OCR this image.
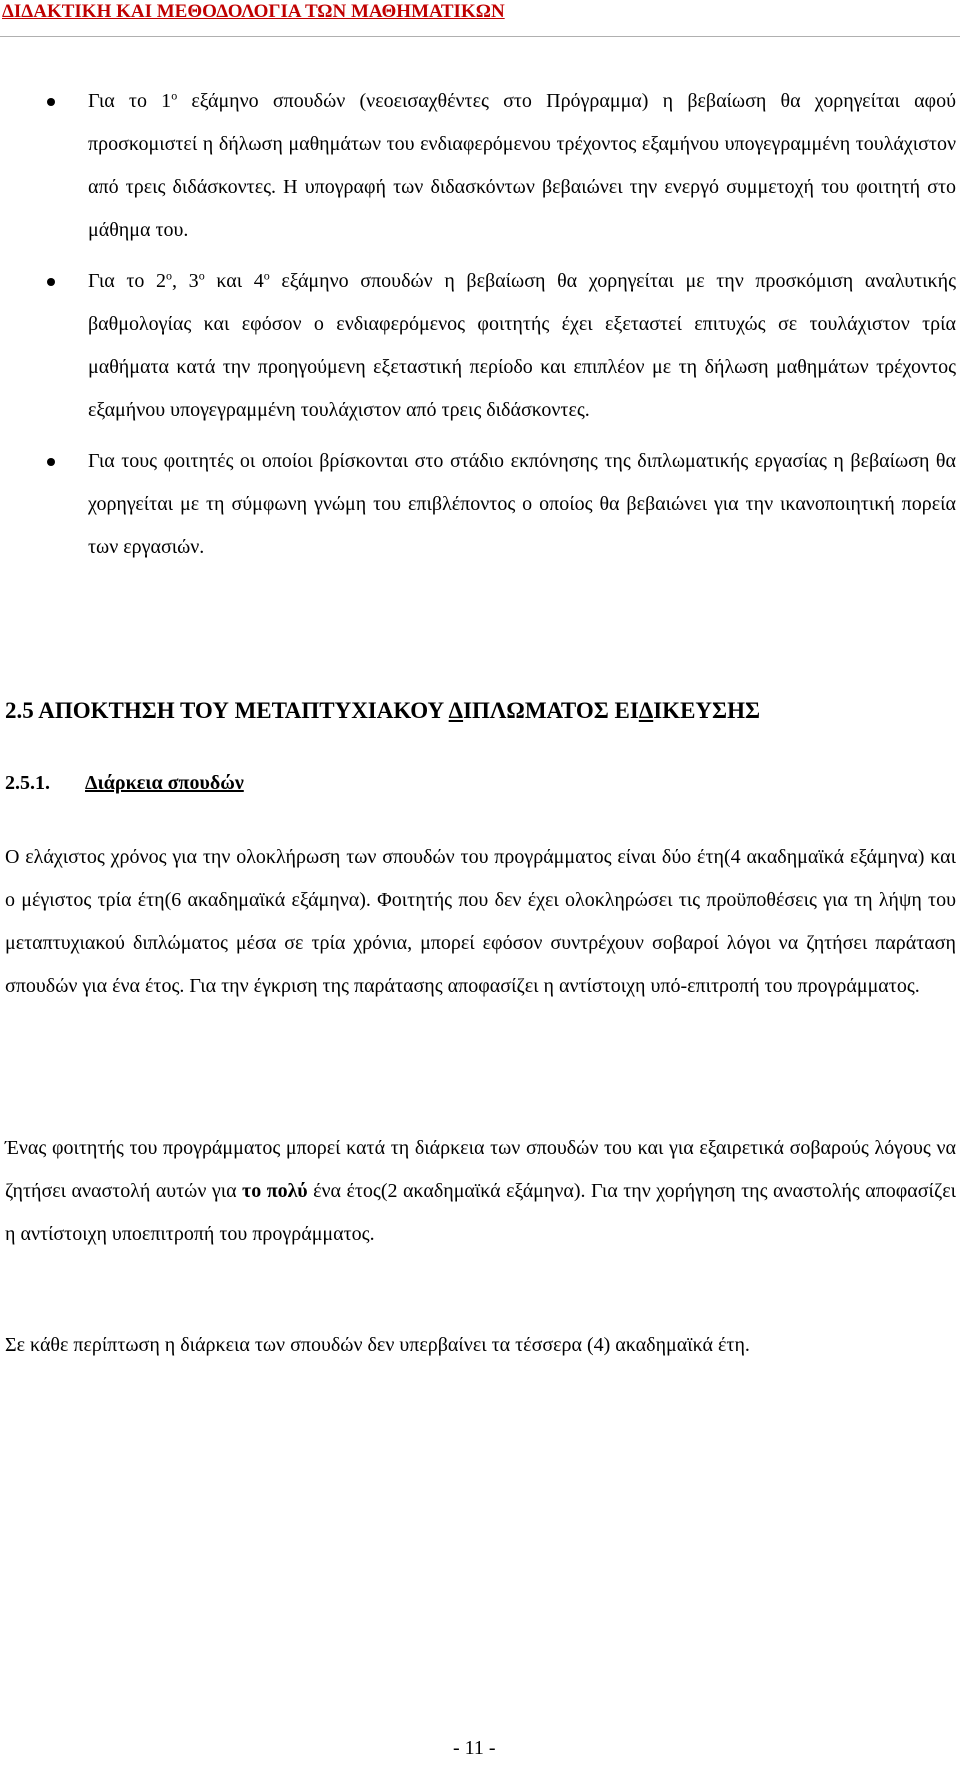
ΔΙΔΑΚΤΙΚΗ ΚΑΙ ΜΕΘΟΔΟΛΟΓΙΑ ΤΩΝ ΜΑΘΗΜΑΤΙΚΩΝ
Για το $1^o$ εξάμηνο σπουδών (νεοεισαχθέντες στο Πρόγραμμα) η βεβαίωση θα χορηγείται αφού προσκομιστεί η δήλωση μαθημάτων του ενδιαφερόμενου τρέχοντος εξαμήνου υπογεγραμμένη τουλάχιστον από τρεις διδάσκοντες. Η υπογραφή των διδασκόντων βεβαιώνει την ενεργό συμμετοχή του φοιτητή στο μάθημα του.
Για το $2^o$, $3^o$ και $4^o$ εξάμηνο σπουδών η βεβαίωση θα χορηγείται με την προσκόμιση αναλυτικής βαθμολογίας και εφόσον ο ενδιαφερόμενος φοιτητής έχει εξεταστεί επιτυχώς σε τουλάχιστον τρία μαθήματα κατά την προηγούμενη εξεταστική περίοδο και επιπλέον με τη δήλωση μαθημάτων τρέχοντος εξαμήνου υπογεγραμμένη τουλάχιστον από τρεις διδάσκοντες.
Για τους φοιτητές οι οποίοι βρίσκονται στο στάδιο εκπόνησης της διπλωματικής εργασίας η βεβαίωση θα χορηγείται με τη σύμφωνη γνώμη του επιβλέποντος ο οποίος θα βεβαιώνει για την ικανοποιητική πορεία των εργασιών.
2.5 ΑΠΟΚΤΗΣΗ ΤΟΥ ΜΕΤΑΠΤΥΧΙΑΚΟΥ ΔΙΠΛΩΜΑΤΟΣ ΕΙΔΙΚΕΥΣΗΣ
2.5.1. Διάρκεια σπουδών
Ο ελάχιστος χρόνος για την ολοκλήρωση των σπουδών του προγράμματος είναι δύο έτη(4 ακαδημαϊκά εξάμηνα) και ο μέγιστος τρία έτη(6 ακαδημαϊκά εξάμηνα). Φοιτητής που δεν έχει ολοκληρώσει τις προϋποθέσεις για τη λήψη του μεταπτυχιακού διπλώματος μέσα σε τρία χρόνια, μπορεί εφόσον συντρέχουν σοβαροί λόγοι να ζητήσει παράταση σπουδών για ένα έτος. Για την έγκριση της παράτασης αποφασίζει η αντίστοιχη υπό-επιτροπή του προγράμματος.
Ένας φοιτητής του προγράμματος μπορεί κατά τη διάρκεια των σπουδών του και για εξαιρετικά σοβαρούς λόγους να ζητήσει αναστολή αυτών για το πολύ ένα έτος(2 ακαδημαϊκά εξάμηνα). Για την χορήγηση της αναστολής αποφασίζει η αντίστοιχη υποεπιτροπή του προγράμματος.
Σε κάθε περίπτωση η διάρκεια των σπουδών δεν υπερβαίνει τα τέσσερα (4) ακαδημαϊκά έτη.
- 11 -
